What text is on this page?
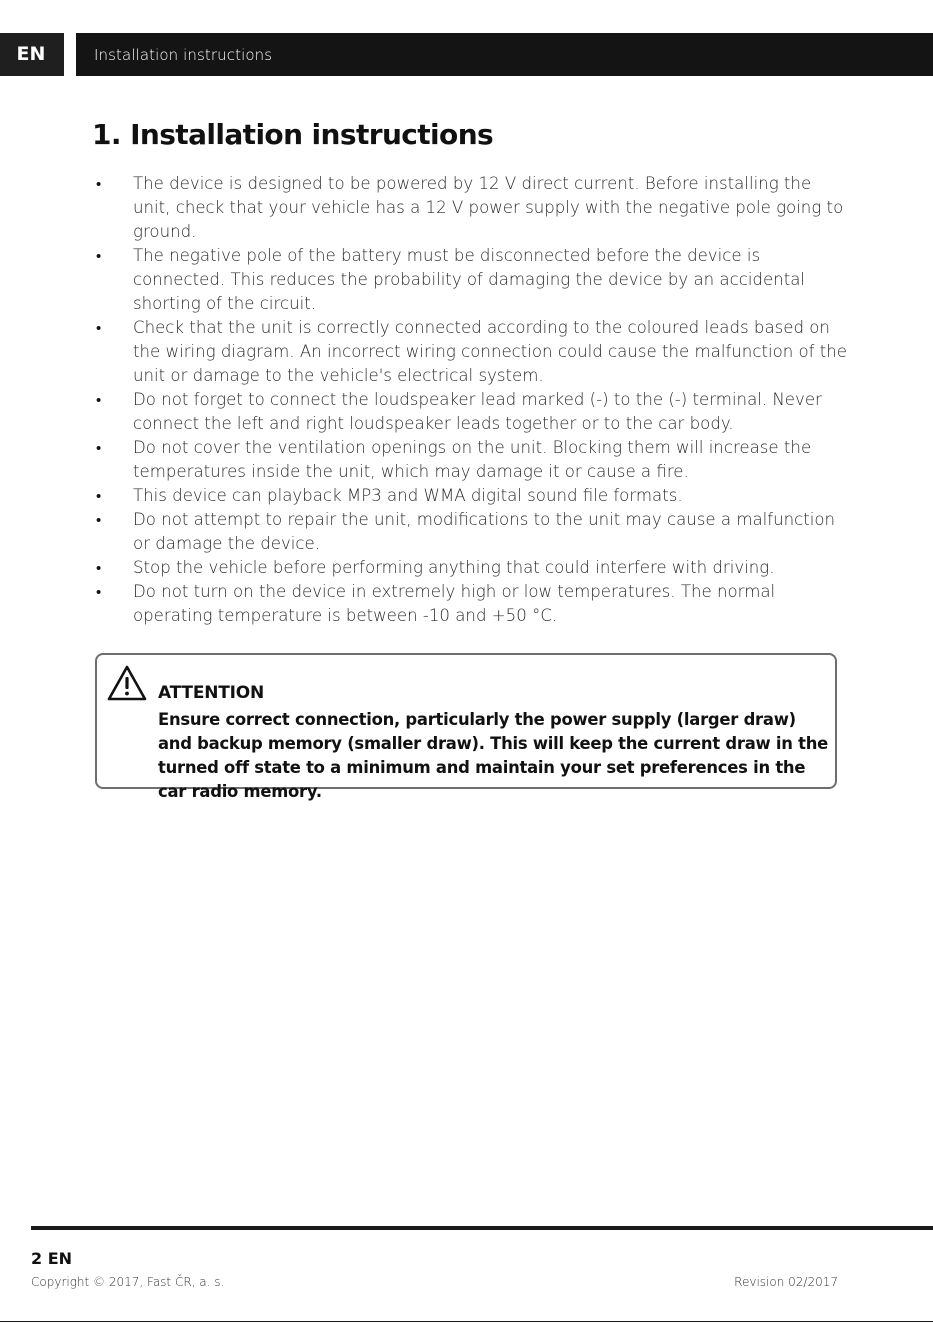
EN	Installation instructions
1. Installation instructions
• The device is designed to be powered by 12 V direct current. Before installing the unit, check that your vehicle has a 12 V power supply with the negative pole going to ground.
• The negative pole of the battery must be disconnected before the device is connected. This reduces the probability of damaging the device by an accidental shorting of the circuit.
• Check that the unit is correctly connected according to the coloured leads based on the wiring diagram. An incorrect wiring connection could cause the malfunction of the unit or damage to the vehicle's electrical system.
• Do not forget to connect the loudspeaker lead marked (-) to the (-) terminal. Never connect the left and right loudspeaker leads together or to the car body.
• Do not cover the ventilation openings on the unit. Blocking them will increase the temperatures inside the unit, which may damage it or cause a fire.
• This device can playback MP3 and WMA digital sound file formats.
• Do not attempt to repair the unit, modifications to the unit may cause a malfunction or damage the device.
• Stop the vehicle before performing anything that could interfere with driving.
• Do not turn on the device in extremely high or low temperatures. The normal operating temperature is between -10 and +50 °C.
ATTENTION
Ensure correct connection, particularly the power supply (larger draw) and backup memory (smaller draw). This will keep the current draw in the turned off state to a minimum and maintain your set preferences in the car radio memory.
2 EN
Copyright © 2017, Fast ČR, a. s.	Revision 02/2017
